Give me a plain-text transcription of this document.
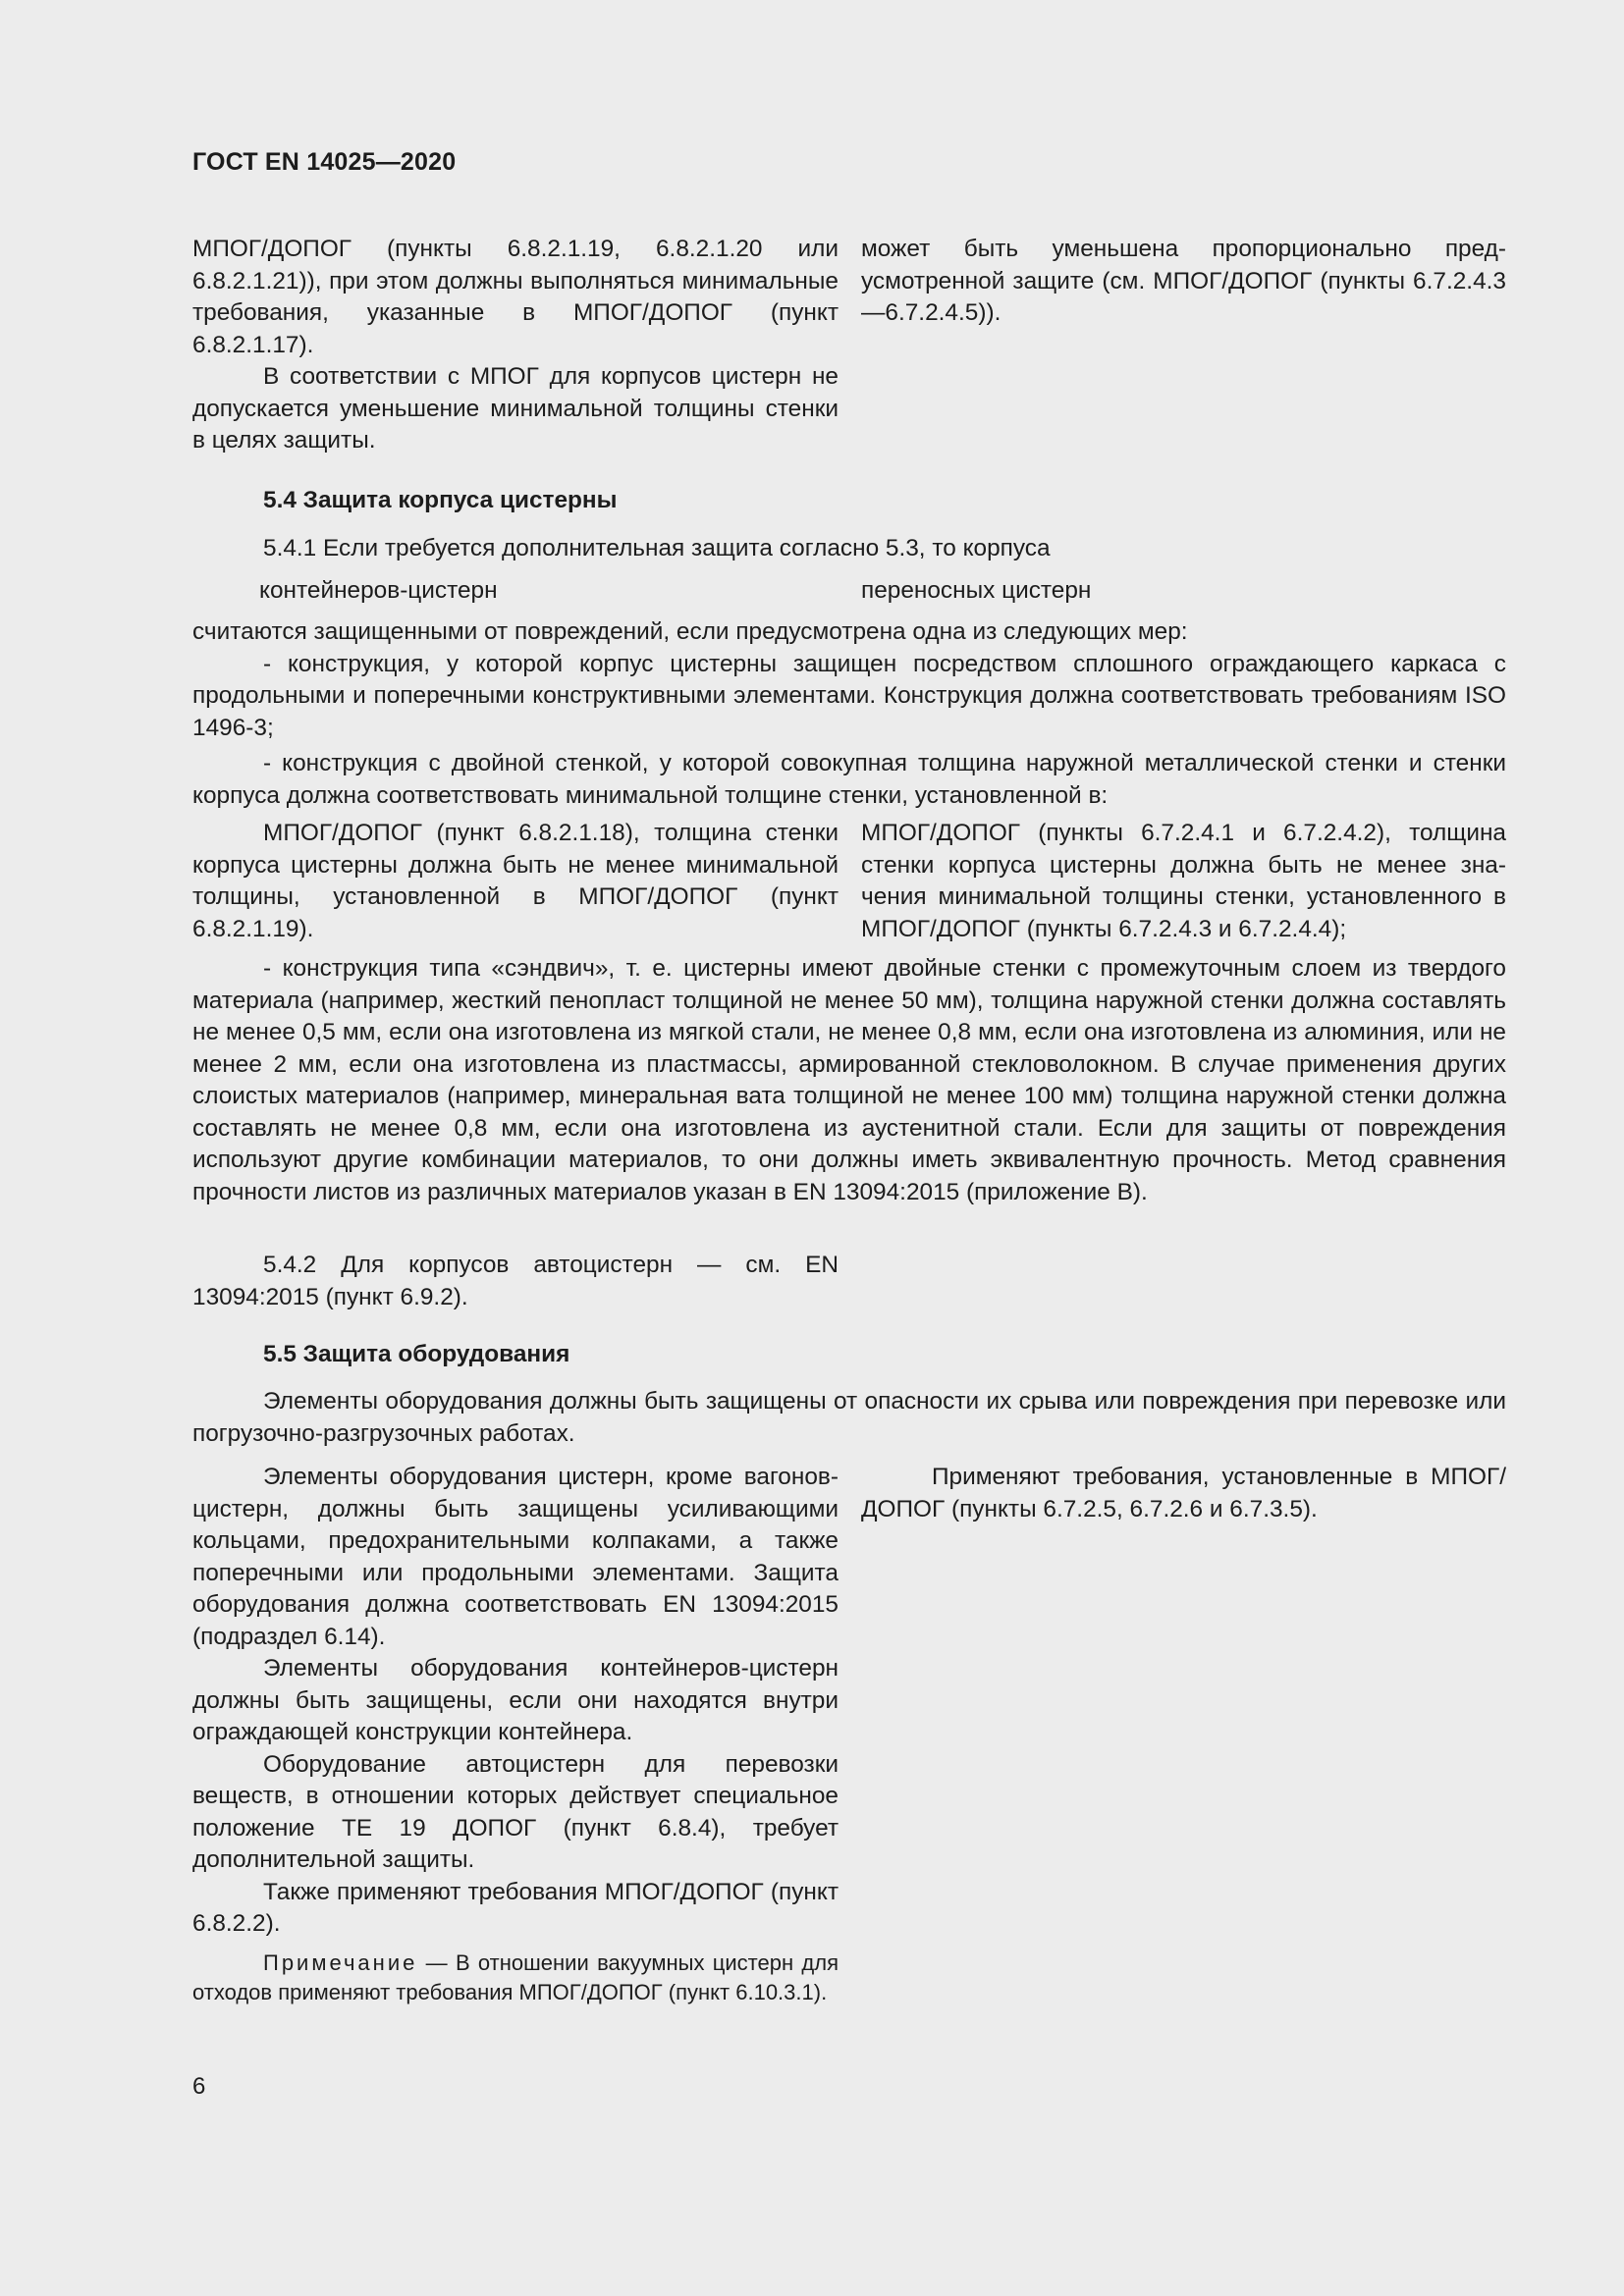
ГОСТ EN 14025—2020

МПОГ/ДОПОГ (пункты 6.8.2.1.19, 6.8.2.1.20 или 6.8.2.1.21)), при этом должны выполняться минимальные требования, указанные в МПОГ/ДОПОГ (пункт 6.8.2.1.17).

В соответствии с МПОГ для корпусов цистерн не допускается уменьшение минимальной толщины стенки в целях защиты.

может быть уменьшена пропорционально предусмотренной защите (см. МПОГ/ДОПОГ (пункты 6.7.2.4.3—6.7.2.4.5)).

5.4 Защита корпуса цистерны

5.4.1 Если требуется дополнительная защита согласно 5.3, то корпуса

контейнеров-цистерн	переносных цистерн

считаются защищенными от повреждений, если предусмотрена одна из следующих мер:

- конструкция, у которой корпус цистерны защищен посредством сплошного ограждающего каркаса с продольными и поперечными конструктивными элементами. Конструкция должна соответствовать требованиям ISO 1496-3;

- конструкция с двойной стенкой, у которой совокупная толщина наружной металлической стенки и стенки корпуса должна соответствовать минимальной толщине стенки, установленной в:

МПОГ/ДОПОГ (пункт 6.8.2.1.18), толщина стенки корпуса цистерны должна быть не менее минимальной толщины, установленной в МПОГ/ДОПОГ (пункт 6.8.2.1.19).

МПОГ/ДОПОГ (пункты 6.7.2.4.1 и 6.7.2.4.2), толщина стенки корпуса цистерны должна быть не менее значения минимальной толщины стенки, установленного в МПОГ/ДОПОГ (пункты 6.7.2.4.3 и 6.7.2.4.4);

- конструкция типа «сэндвич», т. е. цистерны имеют двойные стенки с промежуточным слоем из твердого материала (например, жесткий пенопласт толщиной не менее 50 мм), толщина наружной стенки должна составлять не менее 0,5 мм, если она изготовлена из мягкой стали, не менее 0,8 мм, если она изготовлена из алюминия, или не менее 2 мм, если она изготовлена из пластмассы, армированной стекловолокном. В случае применения других слоистых материалов (например, минеральная вата толщиной не менее 100 мм) толщина наружной стенки должна составлять не менее 0,8 мм, если она изготовлена из аустенитной стали. Если для защиты от повреждения используют другие комбинации материалов, то они должны иметь эквивалентную прочность. Метод сравнения прочности листов из различных материалов указан в EN 13094:2015 (приложение B).

5.4.2 Для корпусов автоцистерн — см. EN 13094:2015 (пункт 6.9.2).

5.5 Защита оборудования

Элементы оборудования должны быть защищены от опасности их срыва или повреждения при перевозке или погрузочно-разгрузочных работах.

Элементы оборудования цистерн, кроме вагонов-цистерн, должны быть защищены усиливающими кольцами, предохранительными колпаками, а также поперечными или продольными элементами. Защита оборудования должна соответствовать EN 13094:2015 (подраздел 6.14).

Элементы оборудования контейнеров-цистерн должны быть защищены, если они находятся внутри ограждающей конструкции контейнера.

Оборудование автоцистерн для перевозки веществ, в отношении которых действует специальное положение ТЕ 19 ДОПОГ (пункт 6.8.4), требует дополнительной защиты.

Также применяют требования МПОГ/ДОПОГ (пункт 6.8.2.2).

Примечание — В отношении вакуумных цистерн для отходов применяют требования МПОГ/ДОПОГ (пункт 6.10.3.1).

Применяют требования, установленные в МПОГ/ДОПОГ (пункты 6.7.2.5, 6.7.2.6 и 6.7.3.5).

6
